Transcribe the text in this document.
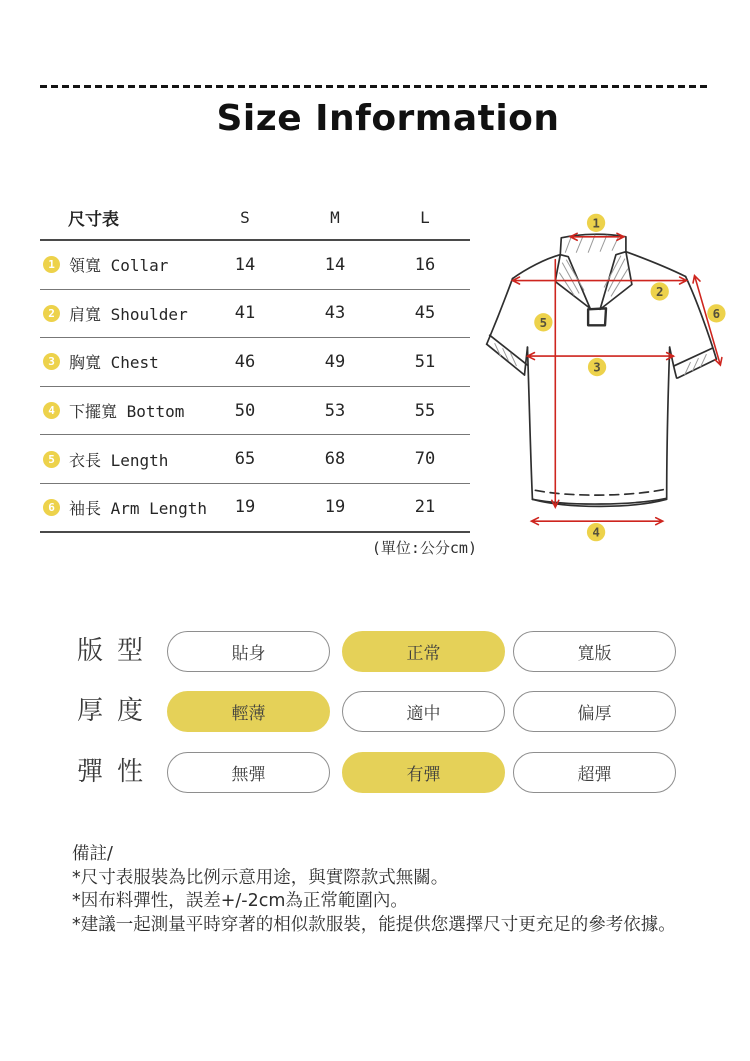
Size Information
尺寸表	S	M	L
1 領寬 Collar	14	14	16
2 肩寬 Shoulder	41	43	45
3 胸寬 Chest	46	49	51
4 下擺寬 Bottom	50	53	55
5 衣長 Length	65	68	70
6 袖長 Arm Length	19	19	21
(單位:公分cm)
1
2
3
4
5
6
版型	貼身	正常	寬版
厚度	輕薄	適中	偏厚
彈性	無彈	有彈	超彈
備註/
*尺寸表服裝為比例示意用途，與實際款式無關。
*因布料彈性，誤差+/-2cm為正常範圍內。
*建議一起測量平時穿著的相似款服裝，能提供您選擇尺寸更充足的參考依據。
